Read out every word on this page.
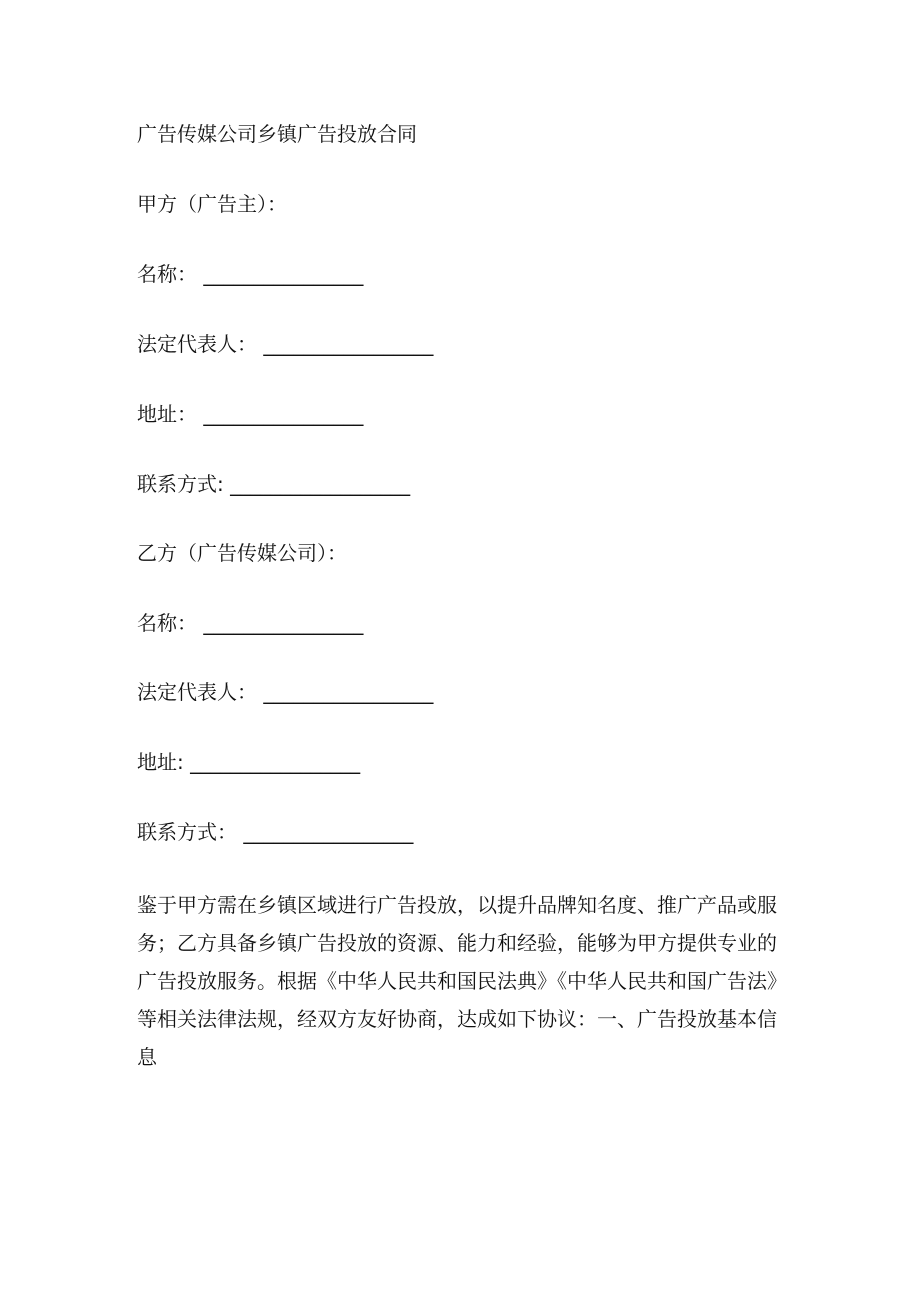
广告传媒公司乡镇广告投放合同
甲方（广告主）：
名称： ________________
法定代表人： _________________
地址： ________________
联系方式: __________________
乙方（广告传媒公司）：
名称： ________________
法定代表人： _________________
地址: _________________
联系方式： _________________
鉴于甲方需在乡镇区域进行广告投放，以提升品牌知名度、推广产品或服
务；乙方具备乡镇广告投放的资源、能力和经验，能够为甲方提供专业的
广告投放服务。根据《中华人民共和国民法典》《中华人民共和国广告法》
等相关法律法规，经双方友好协商，达成如下协议：一、广告投放基本信
息
